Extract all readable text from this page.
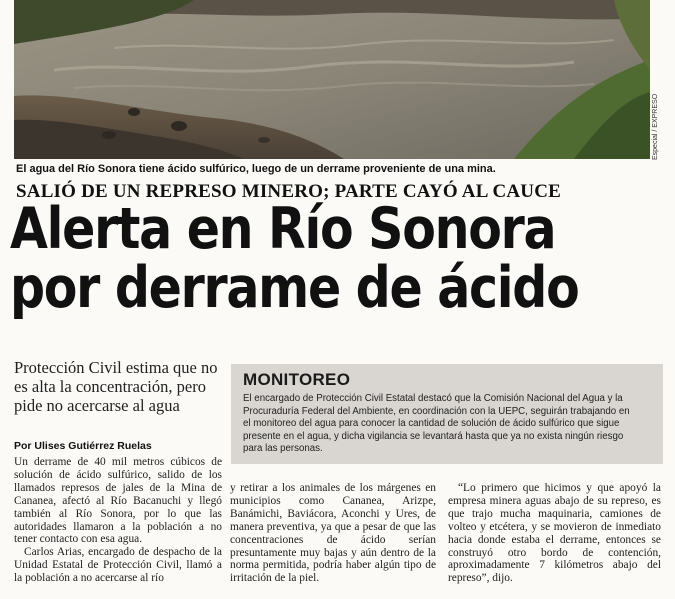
Especial / EXPRESO
El agua del Río Sonora tiene ácido sulfúrico, luego de un derrame proveniente de una mina.
SALIÓ DE UN REPRESO MINERO; PARTE CAYÓ AL CAUCE
Alerta en Río Sonora
por derrame de ácido

Protección Civil estima que no es alta la concentración, pero pide no acercarse al agua

Por Ulises Gutiérrez Ruelas

Un derrame de 40 mil metros cúbicos de solución de ácido sulfúrico, salido de los llamados represos de jales de la Mina de Cananea, afectó al Río Bacanuchi y llegó también al Río Sonora, por lo que las autoridades llamaron a la población a no tener contacto con esa agua.

Carlos Arias, encargado de despacho de la Unidad Estatal de Protección Civil, llamó a la población a no acercarse al río

MONITOREO

El encargado de Protección Civil Estatal destacó que la Comisión Nacional del Agua y la Procuraduría Federal del Ambiente, en coordinación con la UEPC, seguirán trabajando en el monitoreo del agua para conocer la cantidad de solución de ácido sulfúrico que sigue presente en el agua, y dicha vigilancia se levantará hasta que ya no exista ningún riesgo para las personas.

y retirar a los animales de los márgenes en municipios como Cananea, Arizpe, Banámichi, Baviácora, Aconchi y Ures, de manera preventiva, ya que a pesar de que las concentraciones de ácido serían presuntamente muy bajas y aún dentro de la norma permitida, podría haber algún tipo de irritación de la piel.

“Lo primero que hicimos y que apoyó la empresa minera aguas abajo de su represo, es que trajo mucha maquinaria, camiones de volteo y etcétera, y se movieron de inmediato hacia donde estaba el derrame, entonces se construyó otro bordo de contención, aproximadamente 7 kilómetros abajo del represo”, dijo.
